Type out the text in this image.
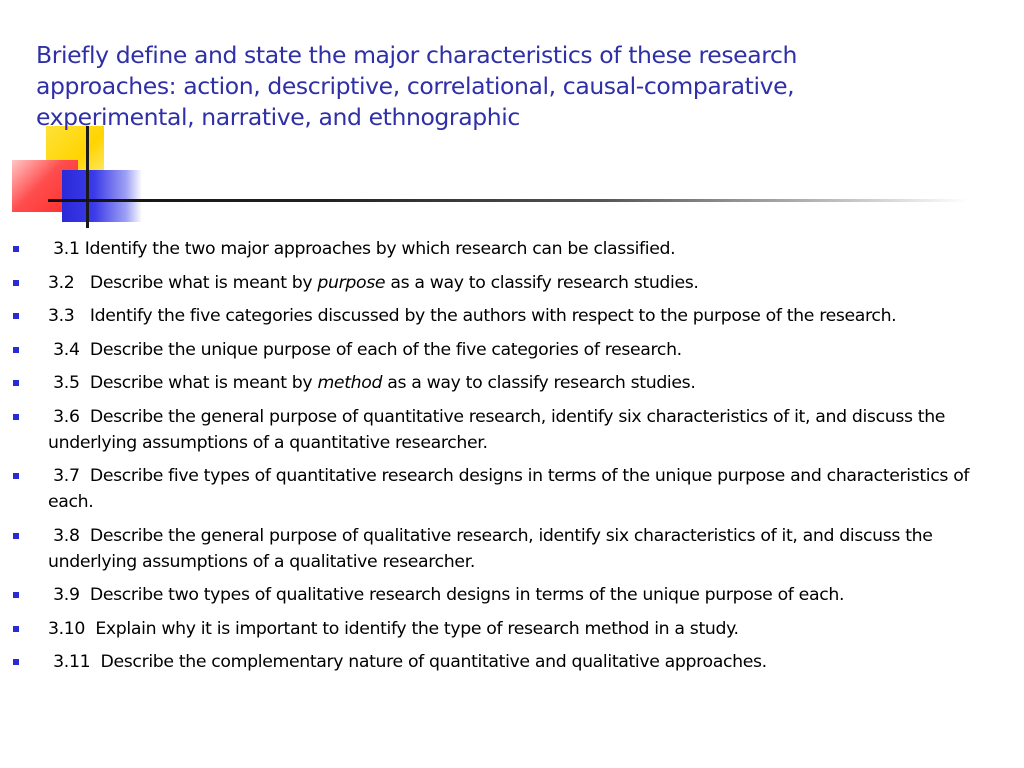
Briefly define and state the major characteristics of these research approaches: action, descriptive, correlational, causal-comparative, experimental, narrative, and ethnographic
3.1 Identify the two major approaches by which research can be classified.
3.2   Describe what is meant by purpose as a way to classify research studies.
3.3   Identify the five categories discussed by the authors with respect to the purpose of the research.
3.4  Describe the unique purpose of each of the five categories of research.
3.5  Describe what is meant by method as a way to classify research studies.
3.6  Describe the general purpose of quantitative research, identify six characteristics of it, and discuss the underlying assumptions of a quantitative researcher.
3.7  Describe five types of quantitative research designs in terms of the unique purpose and characteristics of each.
3.8  Describe the general purpose of qualitative research, identify six characteristics of it, and discuss the underlying assumptions of a qualitative researcher.
3.9  Describe two types of qualitative research designs in terms of the unique purpose of each.
3.10  Explain why it is important to identify the type of research method in a study.
3.11  Describe the complementary nature of quantitative and qualitative approaches.
